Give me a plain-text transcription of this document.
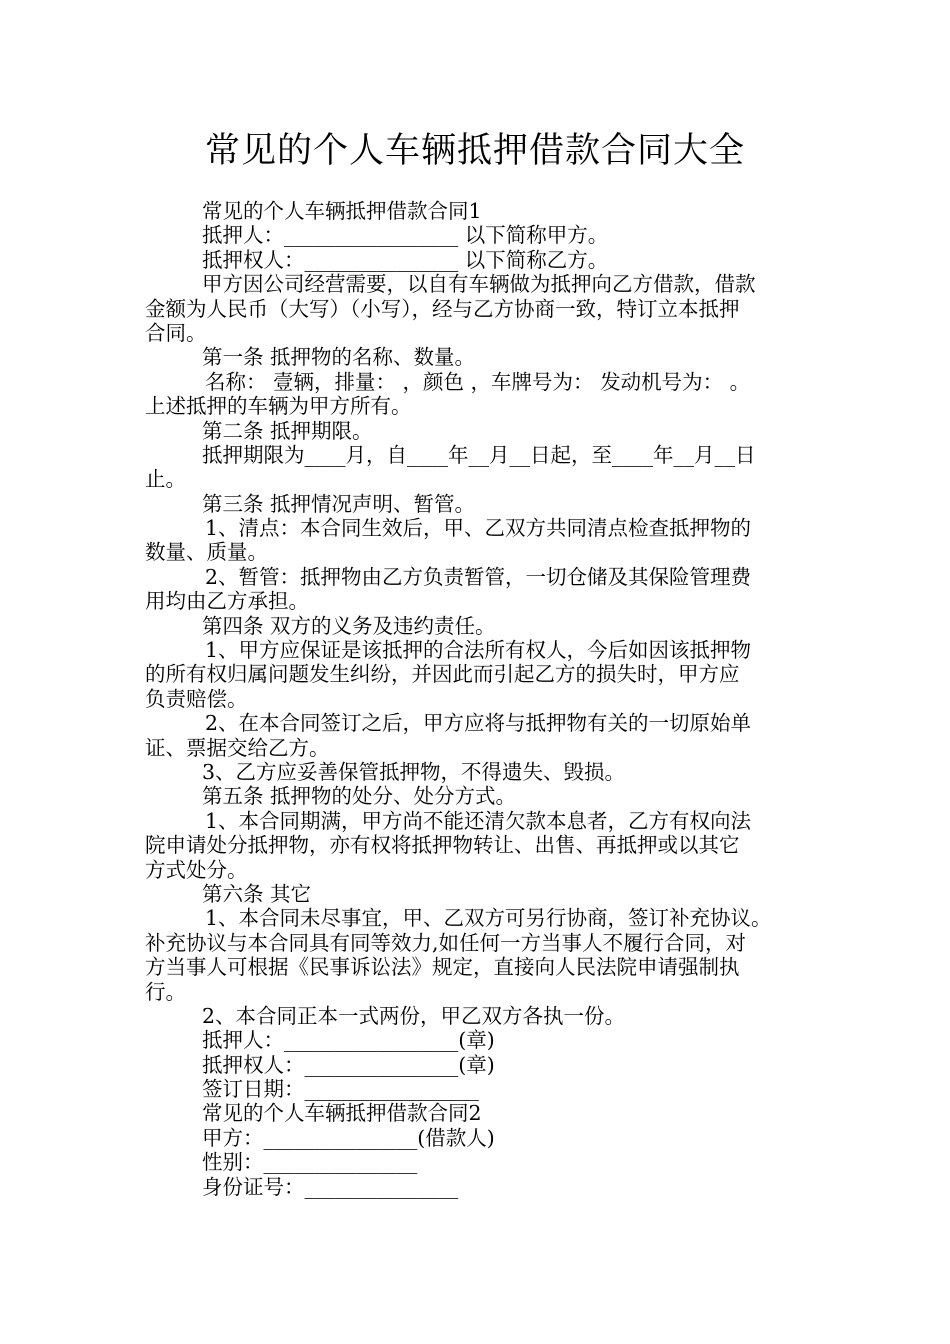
常见的个人车辆抵押借款合同大全
常见的个人车辆抵押借款合同1
抵押人：_________________ 以下简称甲方。
抵押权人：_______________ 以下简称乙方。
甲方因公司经营需要，以自有车辆做为抵押向乙方借款，借款
金额为人民币（大写）（小写），经与乙方协商一致，特订立本抵押
合同。
第一条 抵押物的名称、数量。
名称： 壹辆，排量： ，颜色 ，车牌号为： 发动机号为： 。
上述抵押的车辆为甲方所有。
第二条 抵押期限。
抵押期限为____月，自____年__月__日起，至____年__月__日
止。
第三条 抵押情况声明、暂管。
1、清点：本合同生效后，甲、乙双方共同清点检查抵押物的
数量、质量。
2、暂管：抵押物由乙方负责暂管，一切仓储及其保险管理费
用均由乙方承担。
第四条 双方的义务及违约责任。
1、甲方应保证是该抵押的合法所有权人，今后如因该抵押物
的所有权归属问题发生纠纷，并因此而引起乙方的损失时，甲方应
负责赔偿。
2、在本合同签订之后，甲方应将与抵押物有关的一切原始单
证、票据交给乙方。
3、乙方应妥善保管抵押物，不得遗失、毁损。
第五条 抵押物的处分、处分方式。
1、本合同期满，甲方尚不能还清欠款本息者，乙方有权向法
院申请处分抵押物，亦有权将抵押物转让、出售、再抵押或以其它
方式处分。
第六条 其它
1、本合同未尽事宜，甲、乙双方可另行协商，签订补充协议。
补充协议与本合同具有同等效力,如任何一方当事人不履行合同，对
方当事人可根据《民事诉讼法》规定，直接向人民法院申请强制执
行。
2、本合同正本一式两份，甲乙双方各执一份。
抵押人：_________________(章)
抵押权人：_______________(章)
签订日期：_________________
常见的个人车辆抵押借款合同2
甲方：_______________(借款人)
性别：_______________
身份证号：_______________
